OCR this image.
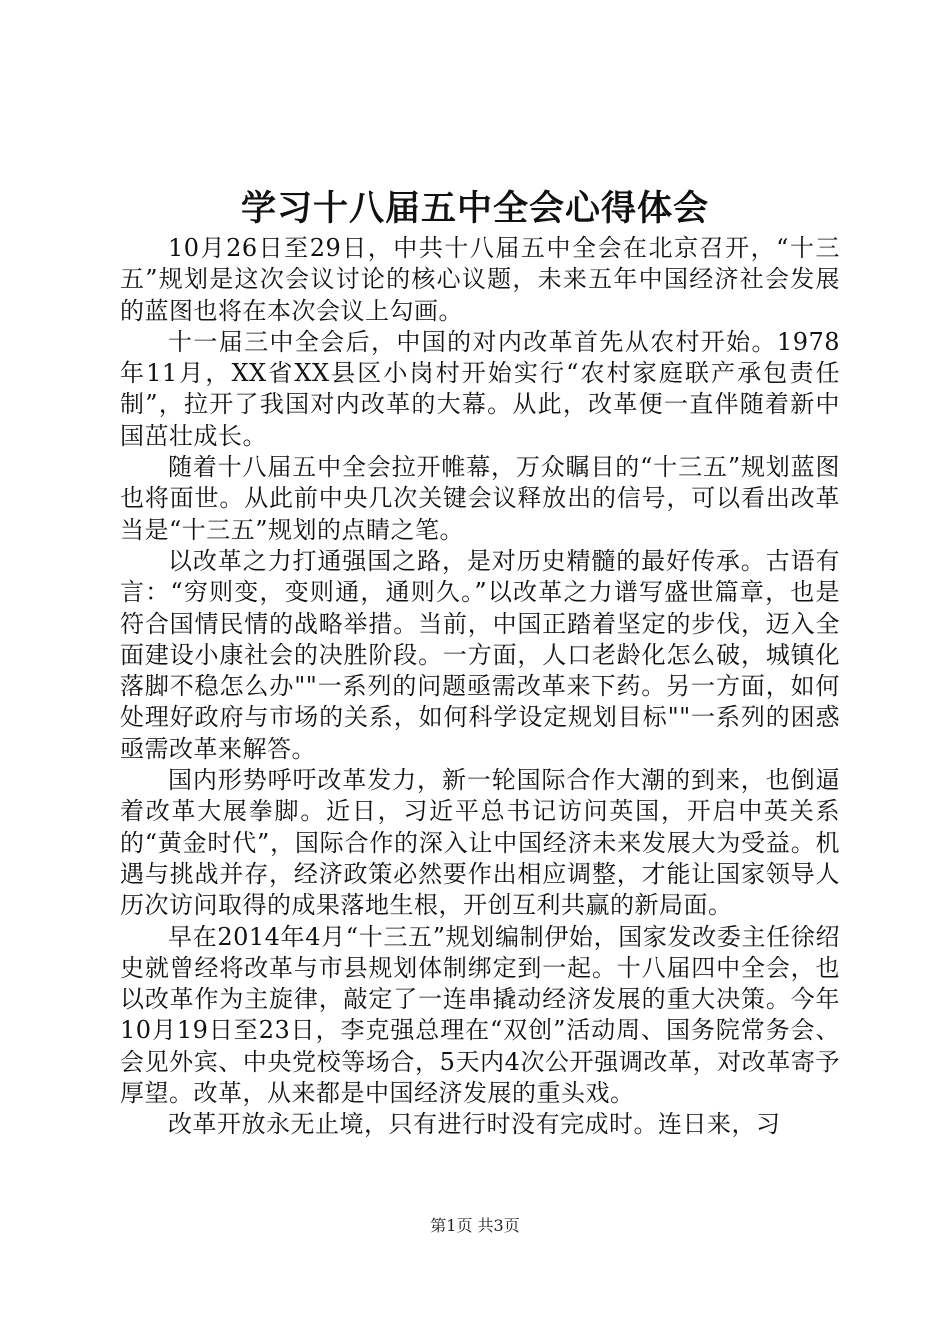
学习十八届五中全会心得体会

10月26日至29日，中共十八届五中全会在北京召开，“十三五”规划是这次会议讨论的核心议题，未来五年中国经济社会发展的蓝图也将在本次会议上勾画。

十一届三中全会后，中国的对内改革首先从农村开始。1978年11月，XX省XX县区小岗村开始实行“农村家庭联产承包责任制”，拉开了我国对内改革的大幕。从此，改革便一直伴随着新中国茁壮成长。

随着十八届五中全会拉开帷幕，万众瞩目的“十三五”规划蓝图也将面世。从此前中央几次关键会议释放出的信号，可以看出改革当是“十三五”规划的点睛之笔。

以改革之力打通强国之路，是对历史精髓的最好传承。古语有言：“穷则变，变则通，通则久。”以改革之力谱写盛世篇章，也是符合国情民情的战略举措。当前，中国正踏着坚定的步伐，迈入全面建设小康社会的决胜阶段。一方面，人口老龄化怎么破，城镇化落脚不稳怎么办""一系列的问题亟需改革来下药。另一方面，如何处理好政府与市场的关系，如何科学设定规划目标""一系列的困惑亟需改革来解答。

国内形势呼吁改革发力，新一轮国际合作大潮的到来，也倒逼着改革大展拳脚。近日，习近平总书记访问英国，开启中英关系的“黄金时代”，国际合作的深入让中国经济未来发展大为受益。机遇与挑战并存，经济政策必然要作出相应调整，才能让国家领导人历次访问取得的成果落地生根，开创互利共赢的新局面。

早在2014年4月“十三五”规划编制伊始，国家发改委主任徐绍史就曾经将改革与市县规划体制绑定到一起。十八届四中全会，也以改革作为主旋律，敲定了一连串撬动经济发展的重大决策。今年10月19日至23日，李克强总理在“双创”活动周、国务院常务会、会见外宾、中央党校等场合，5天内4次公开强调改革，对改革寄予厚望。改革，从来都是中国经济发展的重头戏。

改革开放永无止境，只有进行时没有完成时。连日来，习

第1页 共3页
